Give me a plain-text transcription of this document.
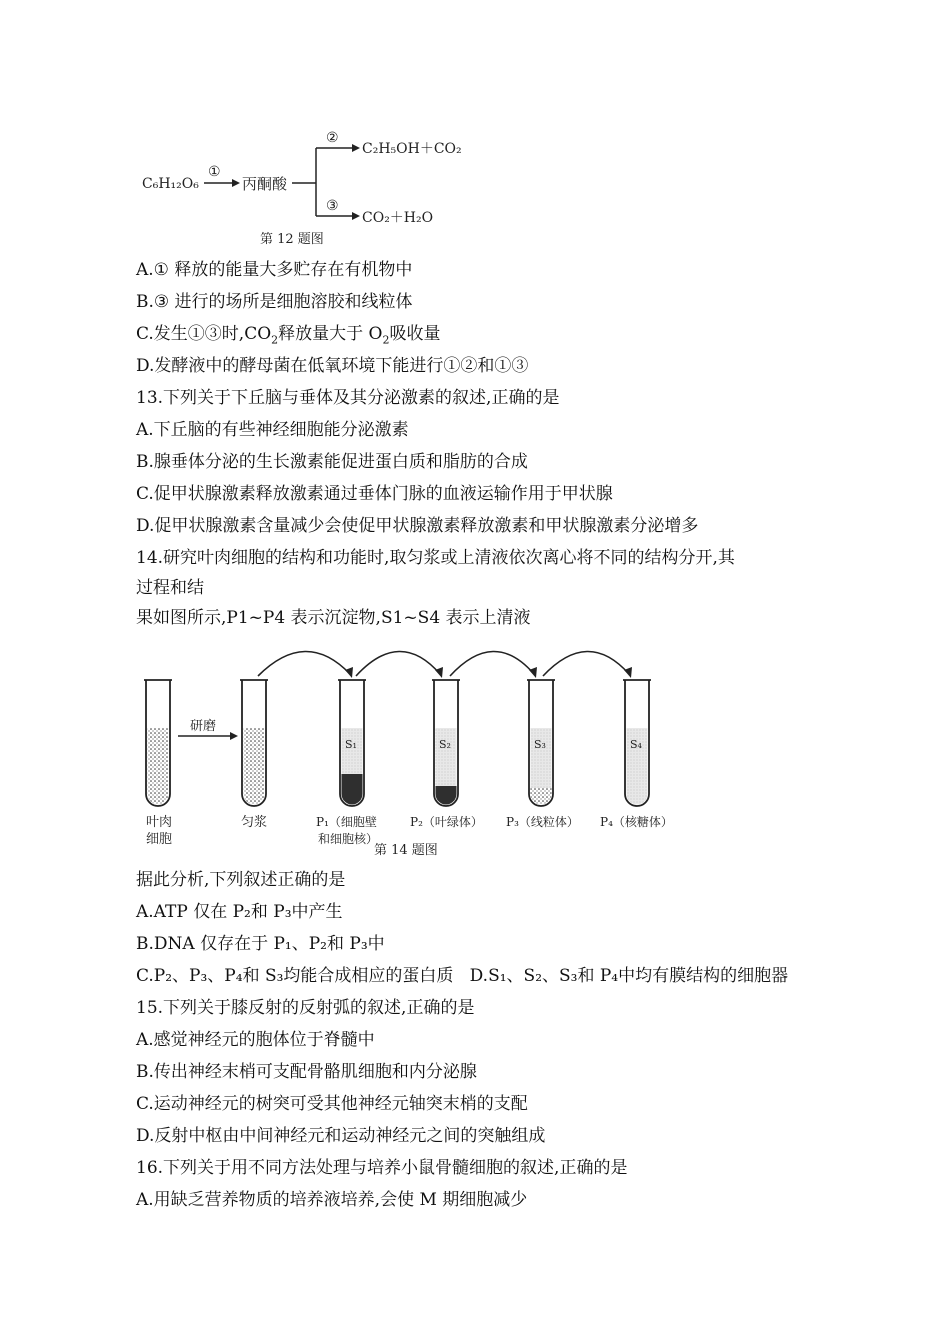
C₆H₁₂O₆
①
丙酮酸
②
C₂H₅OH＋CO₂
③
CO₂＋H₂O
第 12 题图
A.① 释放的能量大多贮存在有机物中
B.③ 进行的场所是细胞溶胶和线粒体
C.发生①③时$,CO_2$释放量大于 $O_2$吸收量
D.发酵液中的酵母菌在低氧环境下能进行①②和①③
13.下列关于下丘脑与垂体及其分泌激素的叙述,正确的是
A.下丘脑的有些神经细胞能分泌激素
B.腺垂体分泌的生长激素能促进蛋白质和脂肪的合成
C.促甲状腺激素释放激素通过垂体门脉的血液运输作用于甲状腺
D.促甲状腺激素含量减少会使促甲状腺激素释放激素和甲状腺激素分泌增多
14.研究叶肉细胞的结构和功能时,取匀浆或上清液依次离心将不同的结构分开,其
过程和结
果如图所示,P1~P4 表示沉淀物,S1~S4 表示上清液
研磨
S₁	S₂	S₃	S₄
叶肉
细胞
匀浆	P₁（细胞壁
和细胞核）
P₂（叶绿体） P₃（线粒体） P₄（核糖体）
第 14 题图
据此分析,下列叙述正确的是
A.ATP 仅在 P₂和 P₃中产生
B.DNA 仅存在于 P₁、P₂和 P₃中
C.P₂、P₃、P₄和 S₃均能合成相应的蛋白质 D.S₁、S₂、S₃和 P₄中均有膜结构的细胞器
15.下列关于膝反射的反射弧的叙述,正确的是
A.感觉神经元的胞体位于脊髓中
B.传出神经末梢可支配骨骼肌细胞和内分泌腺
C.运动神经元的树突可受其他神经元轴突末梢的支配
D.反射中枢由中间神经元和运动神经元之间的突触组成
16.下列关于用不同方法处理与培养小鼠骨髓细胞的叙述,正确的是
A.用缺乏营养物质的培养液培养,会使 M 期细胞减少
